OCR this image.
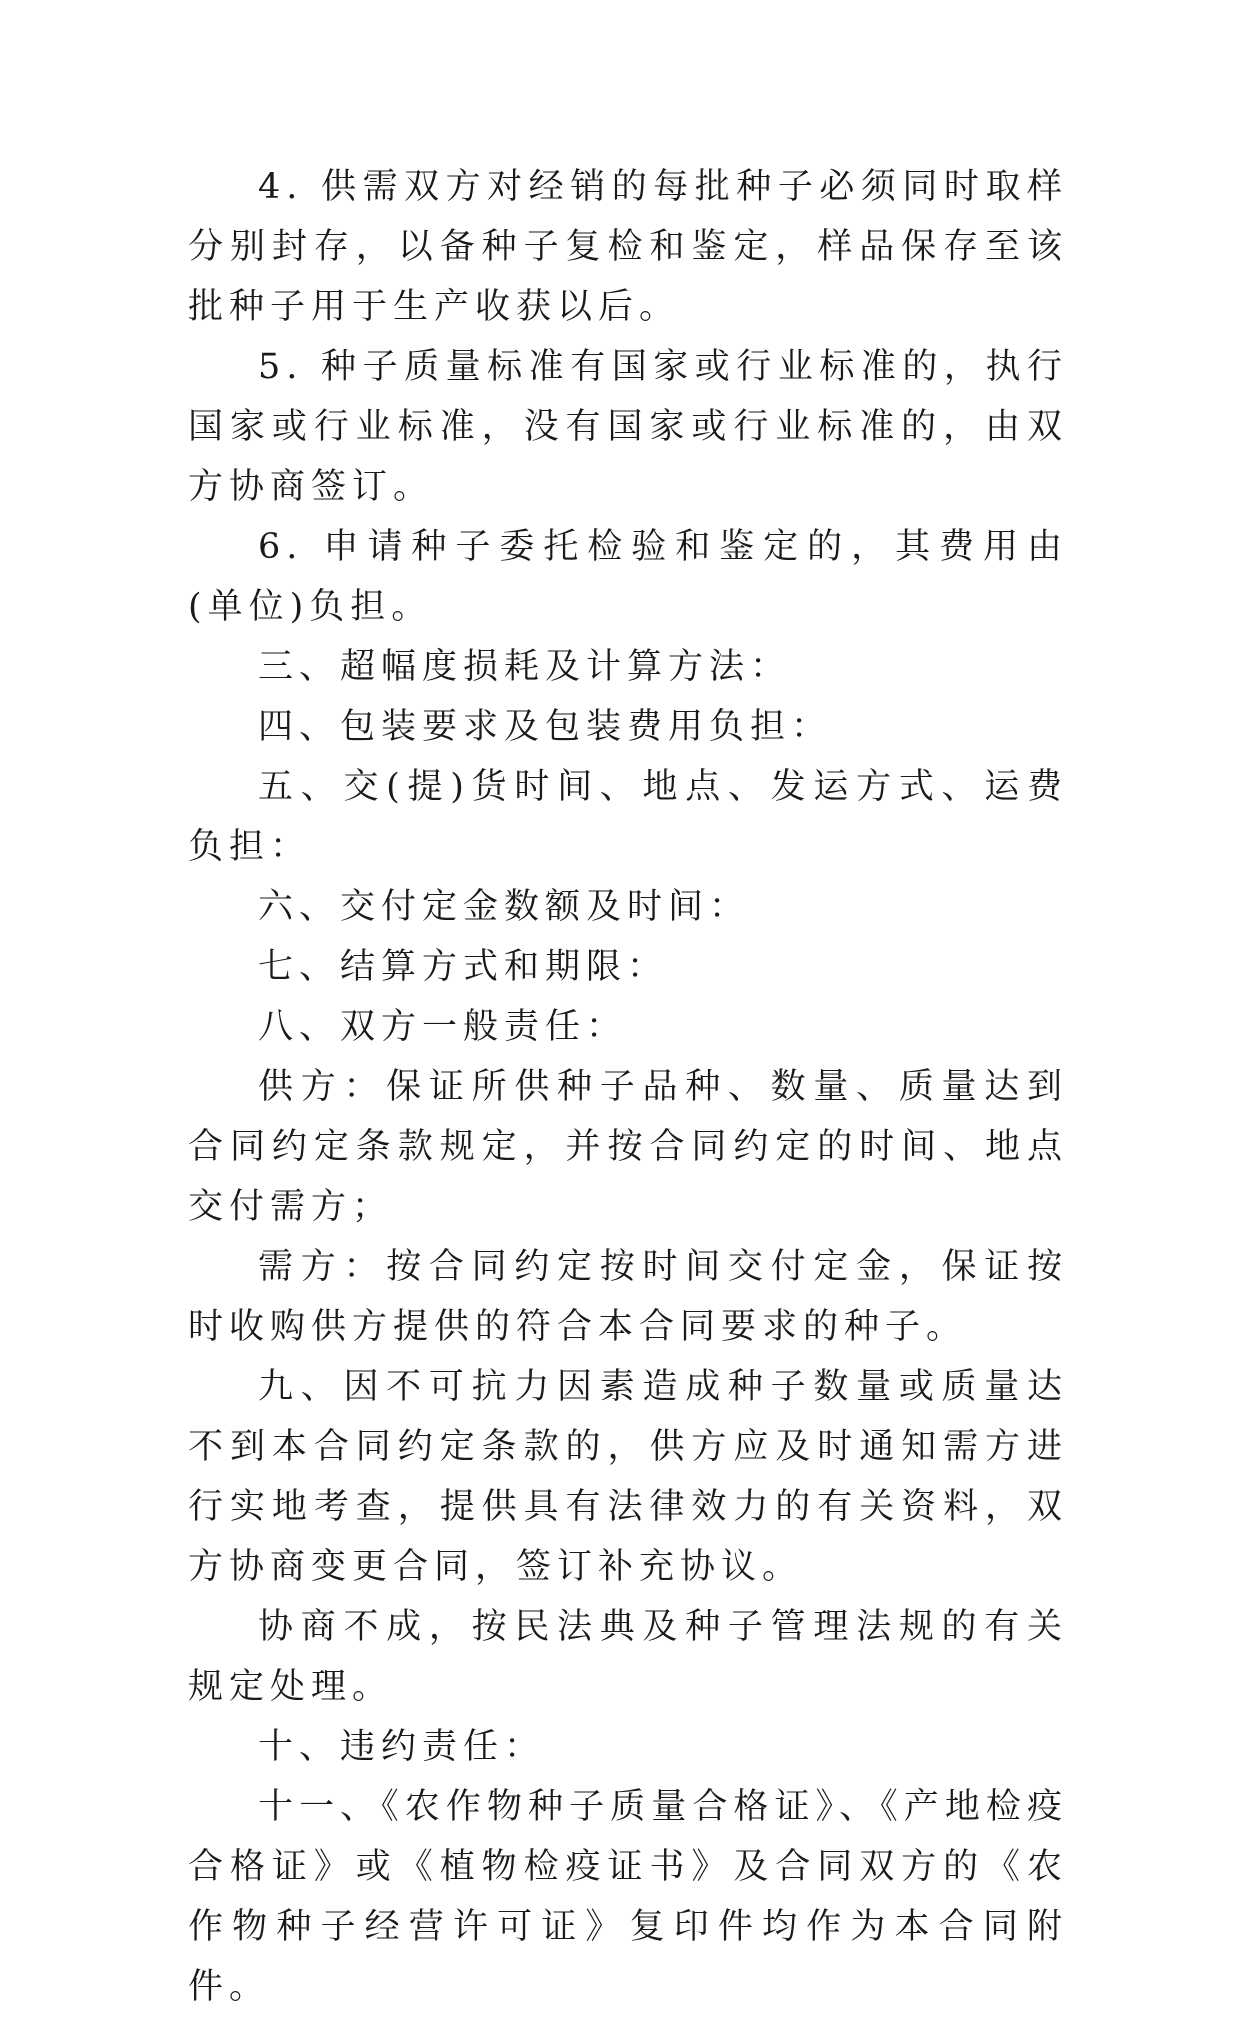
4. 供需双方对经销的每批种子必须同时取样分别封存，以备种子复检和鉴定，样品保存至该批种子用于生产收获以后。

5. 种子质量标准有国家或行业标准的，执行国家或行业标准，没有国家或行业标准的，由双方协商签订。

6. 申请种子委托检验和鉴定的，其费用由(单位)负担。

三、超幅度损耗及计算方法：

四、包装要求及包装费用负担：

五、交(提)货时间、地点、发运方式、运费负担：

六、交付定金数额及时间：

七、结算方式和期限：

八、双方一般责任：

供方：保证所供种子品种、数量、质量达到合同约定条款规定，并按合同约定的时间、地点交付需方；

需方：按合同约定按时间交付定金，保证按时收购供方提供的符合本合同要求的种子。

九、因不可抗力因素造成种子数量或质量达不到本合同约定条款的，供方应及时通知需方进行实地考查，提供具有法律效力的有关资料，双方协商变更合同，签订补充协议。

协商不成，按民法典及种子管理法规的有关规定处理。

十、违约责任：

十一、《农作物种子质量合格证》、《产地检疫合格证》或《植物检疫证书》及合同双方的《农作物种子经营许可证》复印件均作为本合同附件。
